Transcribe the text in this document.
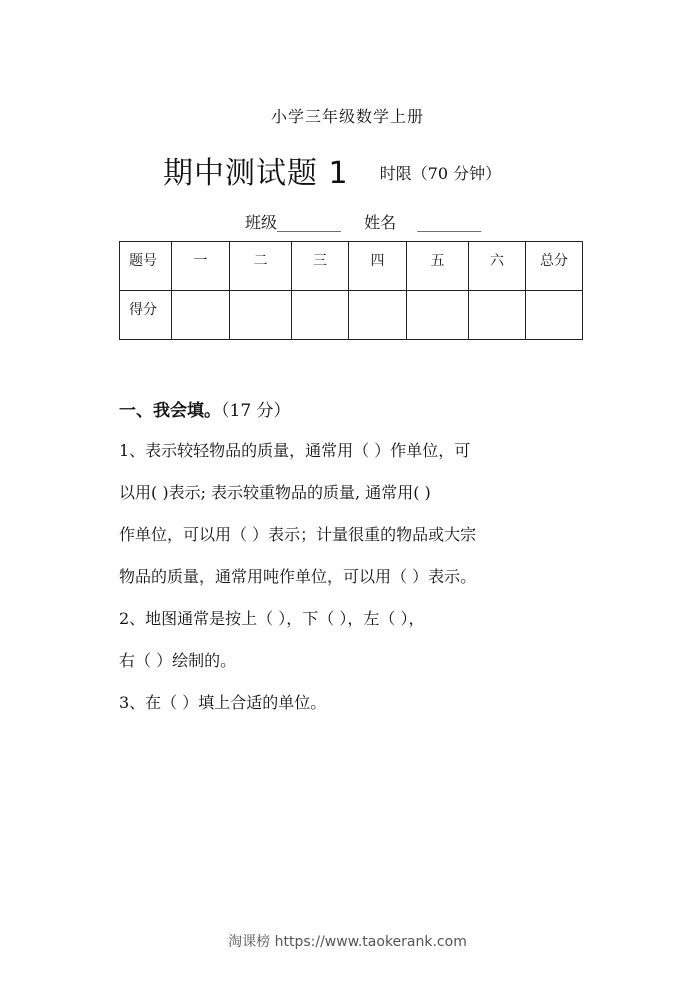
小学三年级数学上册
期中测试题 1 时限（70 分钟）
班级________ 姓名 ________
题号	一	二	三	四	五	六	总分
得分							
一、我会填。（17 分）
1、表示较轻物品的质量，通常用（ ）作单位，可
以用( )表示; 表示较重物品的质量, 通常用( )
作单位，可以用（ ）表示；计量很重的物品或大宗
物品的质量，通常用吨作单位，可以用（ ）表示。
2、地图通常是按上（ ），下（ ），左（ ），
右（ ）绘制的。
3、在（ ）填上合适的单位。
淘课榜 https://www.taokerank.com
